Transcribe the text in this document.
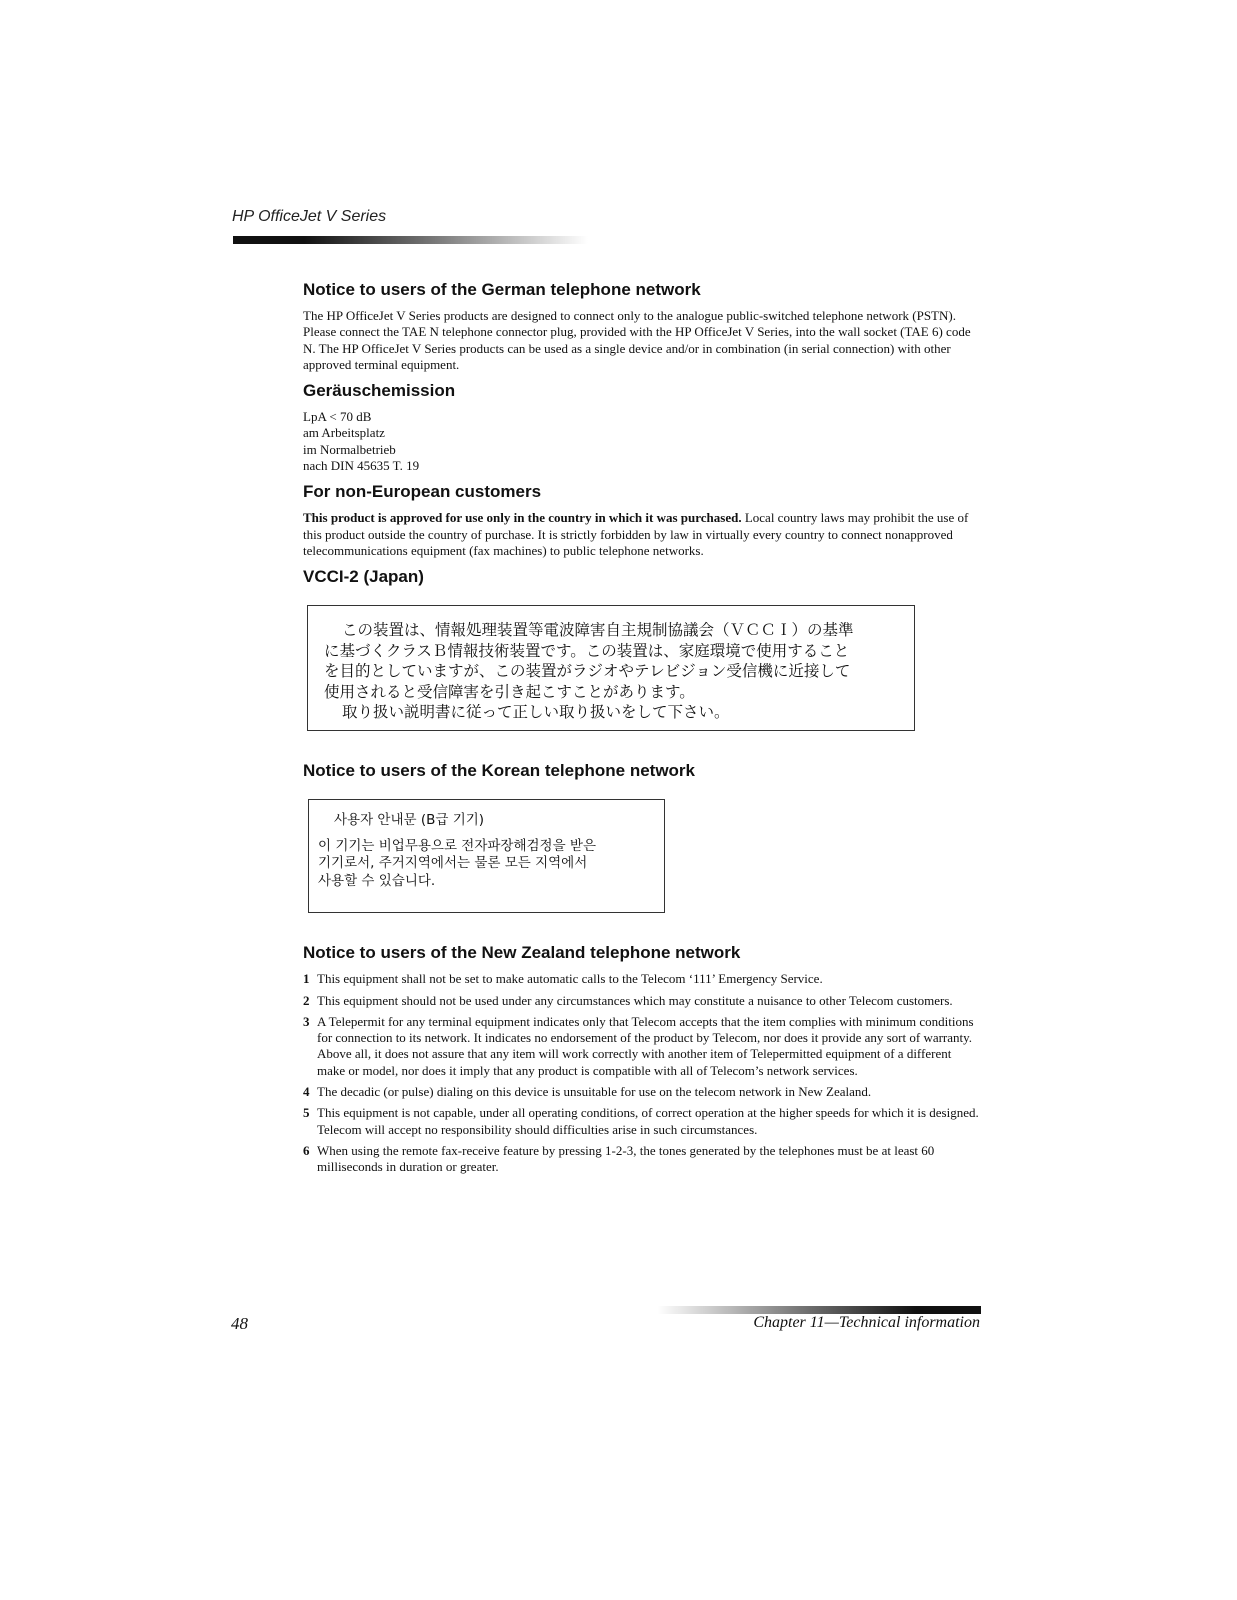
HP OfficeJet V Series
Notice to users of the German telephone network

The HP OfficeJet V Series products are designed to connect only to the analogue public-switched telephone network (PSTN). Please connect the TAE N telephone connector plug, provided with the HP OfficeJet V Series, into the wall socket (TAE 6) code N. The HP OfficeJet V Series products can be used as a single device and/or in combination (in serial connection) with other approved terminal equipment.

Geräuschemission

LpA < 70 dB

am Arbeitsplatz

im Normalbetrieb

nach DIN 45635 T. 19

For non-European customers

This product is approved for use only in the country in which it was purchased. Local country laws may prohibit the use of this product outside the country of purchase. It is strictly forbidden by law in virtually every country to connect nonapproved telecommunications equipment (fax machines) to public telephone networks.

VCCI-2 (Japan)
この装置は、情報処理装置等電波障害自主規制協議会（ＶＣＣＩ）の基準
に基づくクラスＢ情報技術装置です。この装置は、家庭環境で使用すること
を目的としていますが、この装置がラジオやテレビジョン受信機に近接して
使用されると受信障害を引き起こすことがあります。
取り扱い説明書に従って正しい取り扱いをして下さい。
Notice to users of the Korean telephone network
사용자 안내문 (B급 기기)
이 기기는 비업무용으로 전자파장해검정을 받은
기기로서, 주거지역에서는 물론 모든 지역에서
사용할 수 있습니다.
Notice to users of the New Zealand telephone network
1 This equipment shall not be set to make automatic calls to the Telecom ‘111’ Emergency Service.
2 This equipment should not be used under any circumstances which may constitute a nuisance to other Telecom customers.
3 A Telepermit for any terminal equipment indicates only that Telecom accepts that the item complies with minimum conditions for connection to its network. It indicates no endorsement of the product by Telecom, nor does it provide any sort of warranty. Above all, it does not assure that any item will work correctly with another item of Telepermitted equipment of a different make or model, nor does it imply that any product is compatible with all of Telecom’s network services.
4 The decadic (or pulse) dialing on this device is unsuitable for use on the telecom network in New Zealand.
5 This equipment is not capable, under all operating conditions, of correct operation at the higher speeds for which it is designed. Telecom will accept no responsibility should difficulties arise in such circumstances.
6 When using the remote fax-receive feature by pressing 1-2-3, the tones generated by the telephones must be at least 60 milliseconds in duration or greater.
48	Chapter 11—Technical information
